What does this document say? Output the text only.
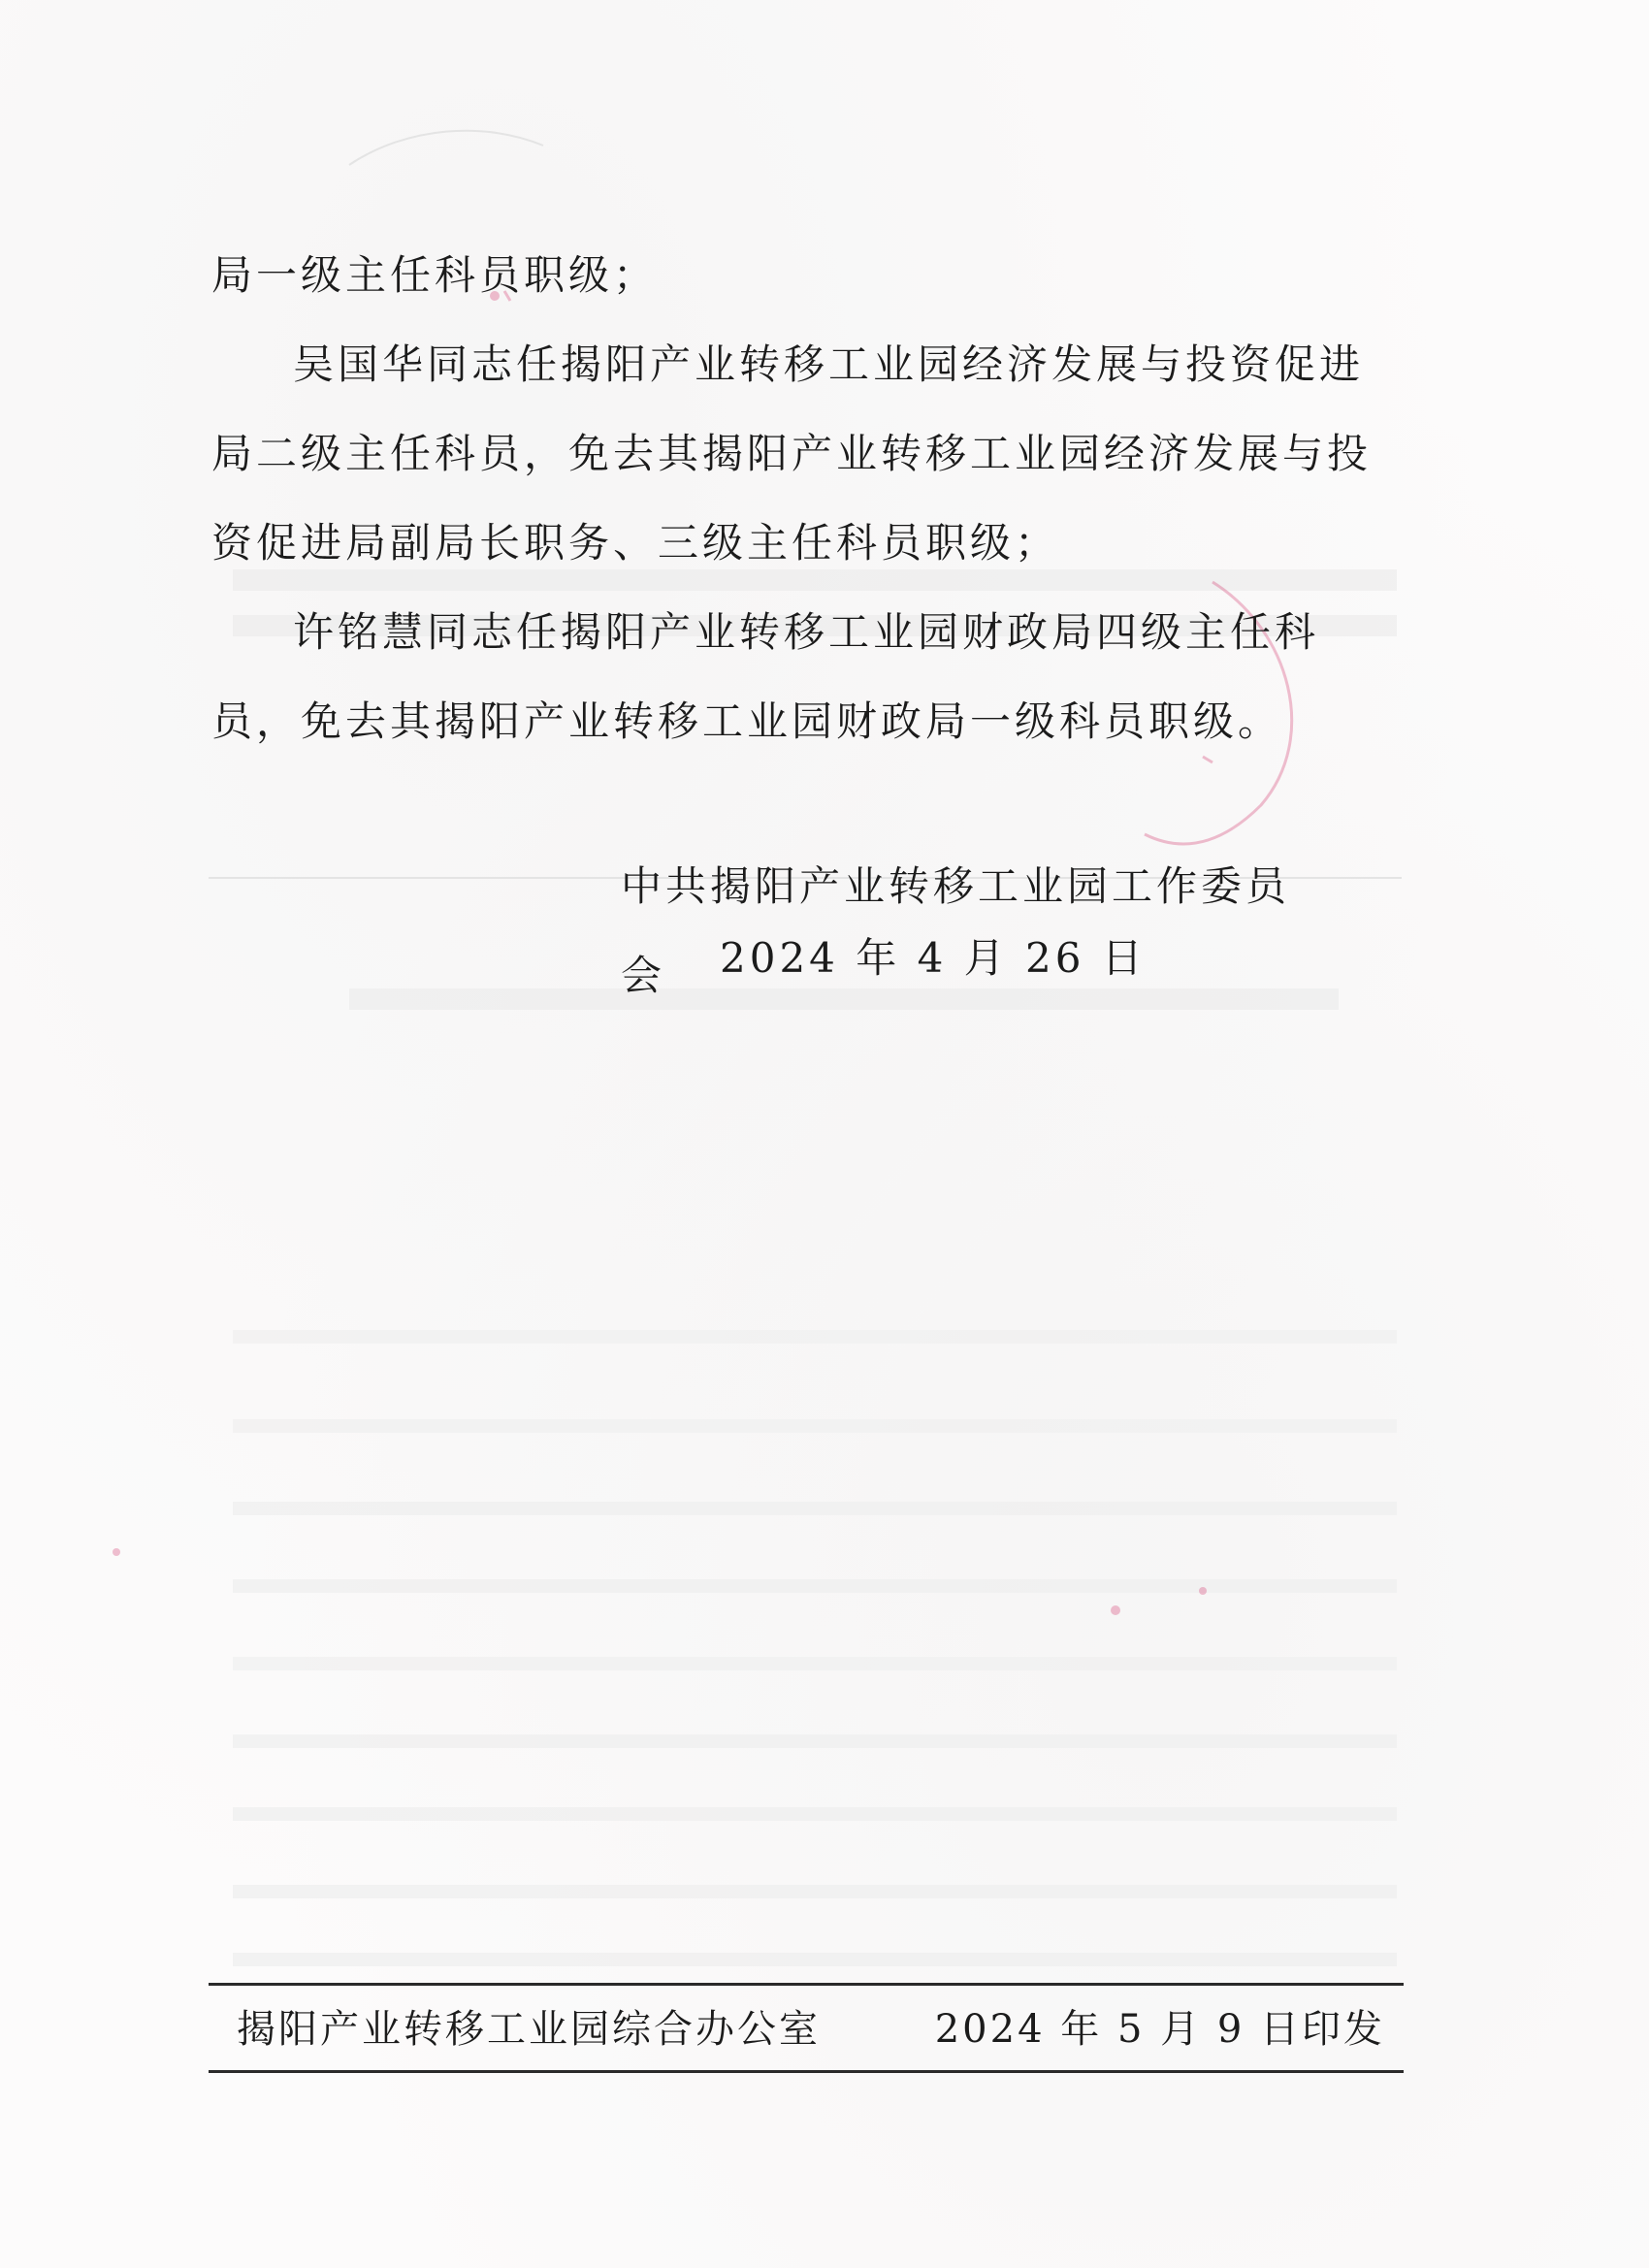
局一级主任科员职级；

吴国华同志任揭阳产业转移工业园经济发展与投资促进局二级主任科员，免去其揭阳产业转移工业园经济发展与投资促进局副局长职务、三级主任科员职级；

许铭慧同志任揭阳产业转移工业园财政局四级主任科员，免去其揭阳产业转移工业园财政局一级科员职级。

中共揭阳产业转移工业园工作委员会	2024 年 4 月 26 日
揭阳产业转移工业园综合办公室	2024 年 5 月 9 日印发
